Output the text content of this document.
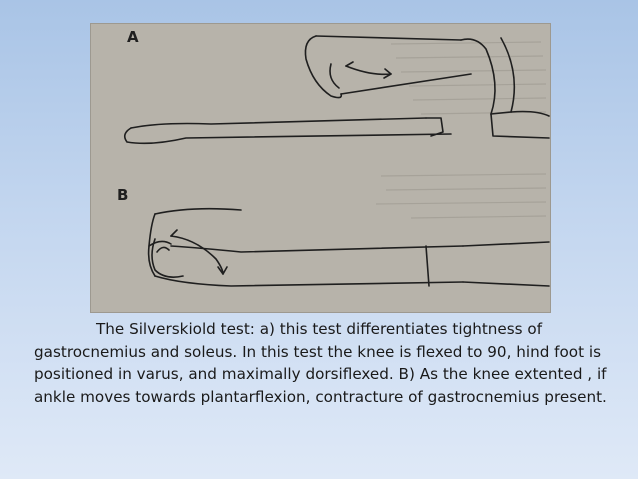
A
B

The Silverskiold test: a) this test differentiates tightness of gastrocnemius and soleus. In this test the knee is flexed to 90, hind foot is positioned in varus, and maximally dorsiflexed. B) As the knee extented , if ankle moves towards plantarflexion, contracture of gastrocnemius present.
